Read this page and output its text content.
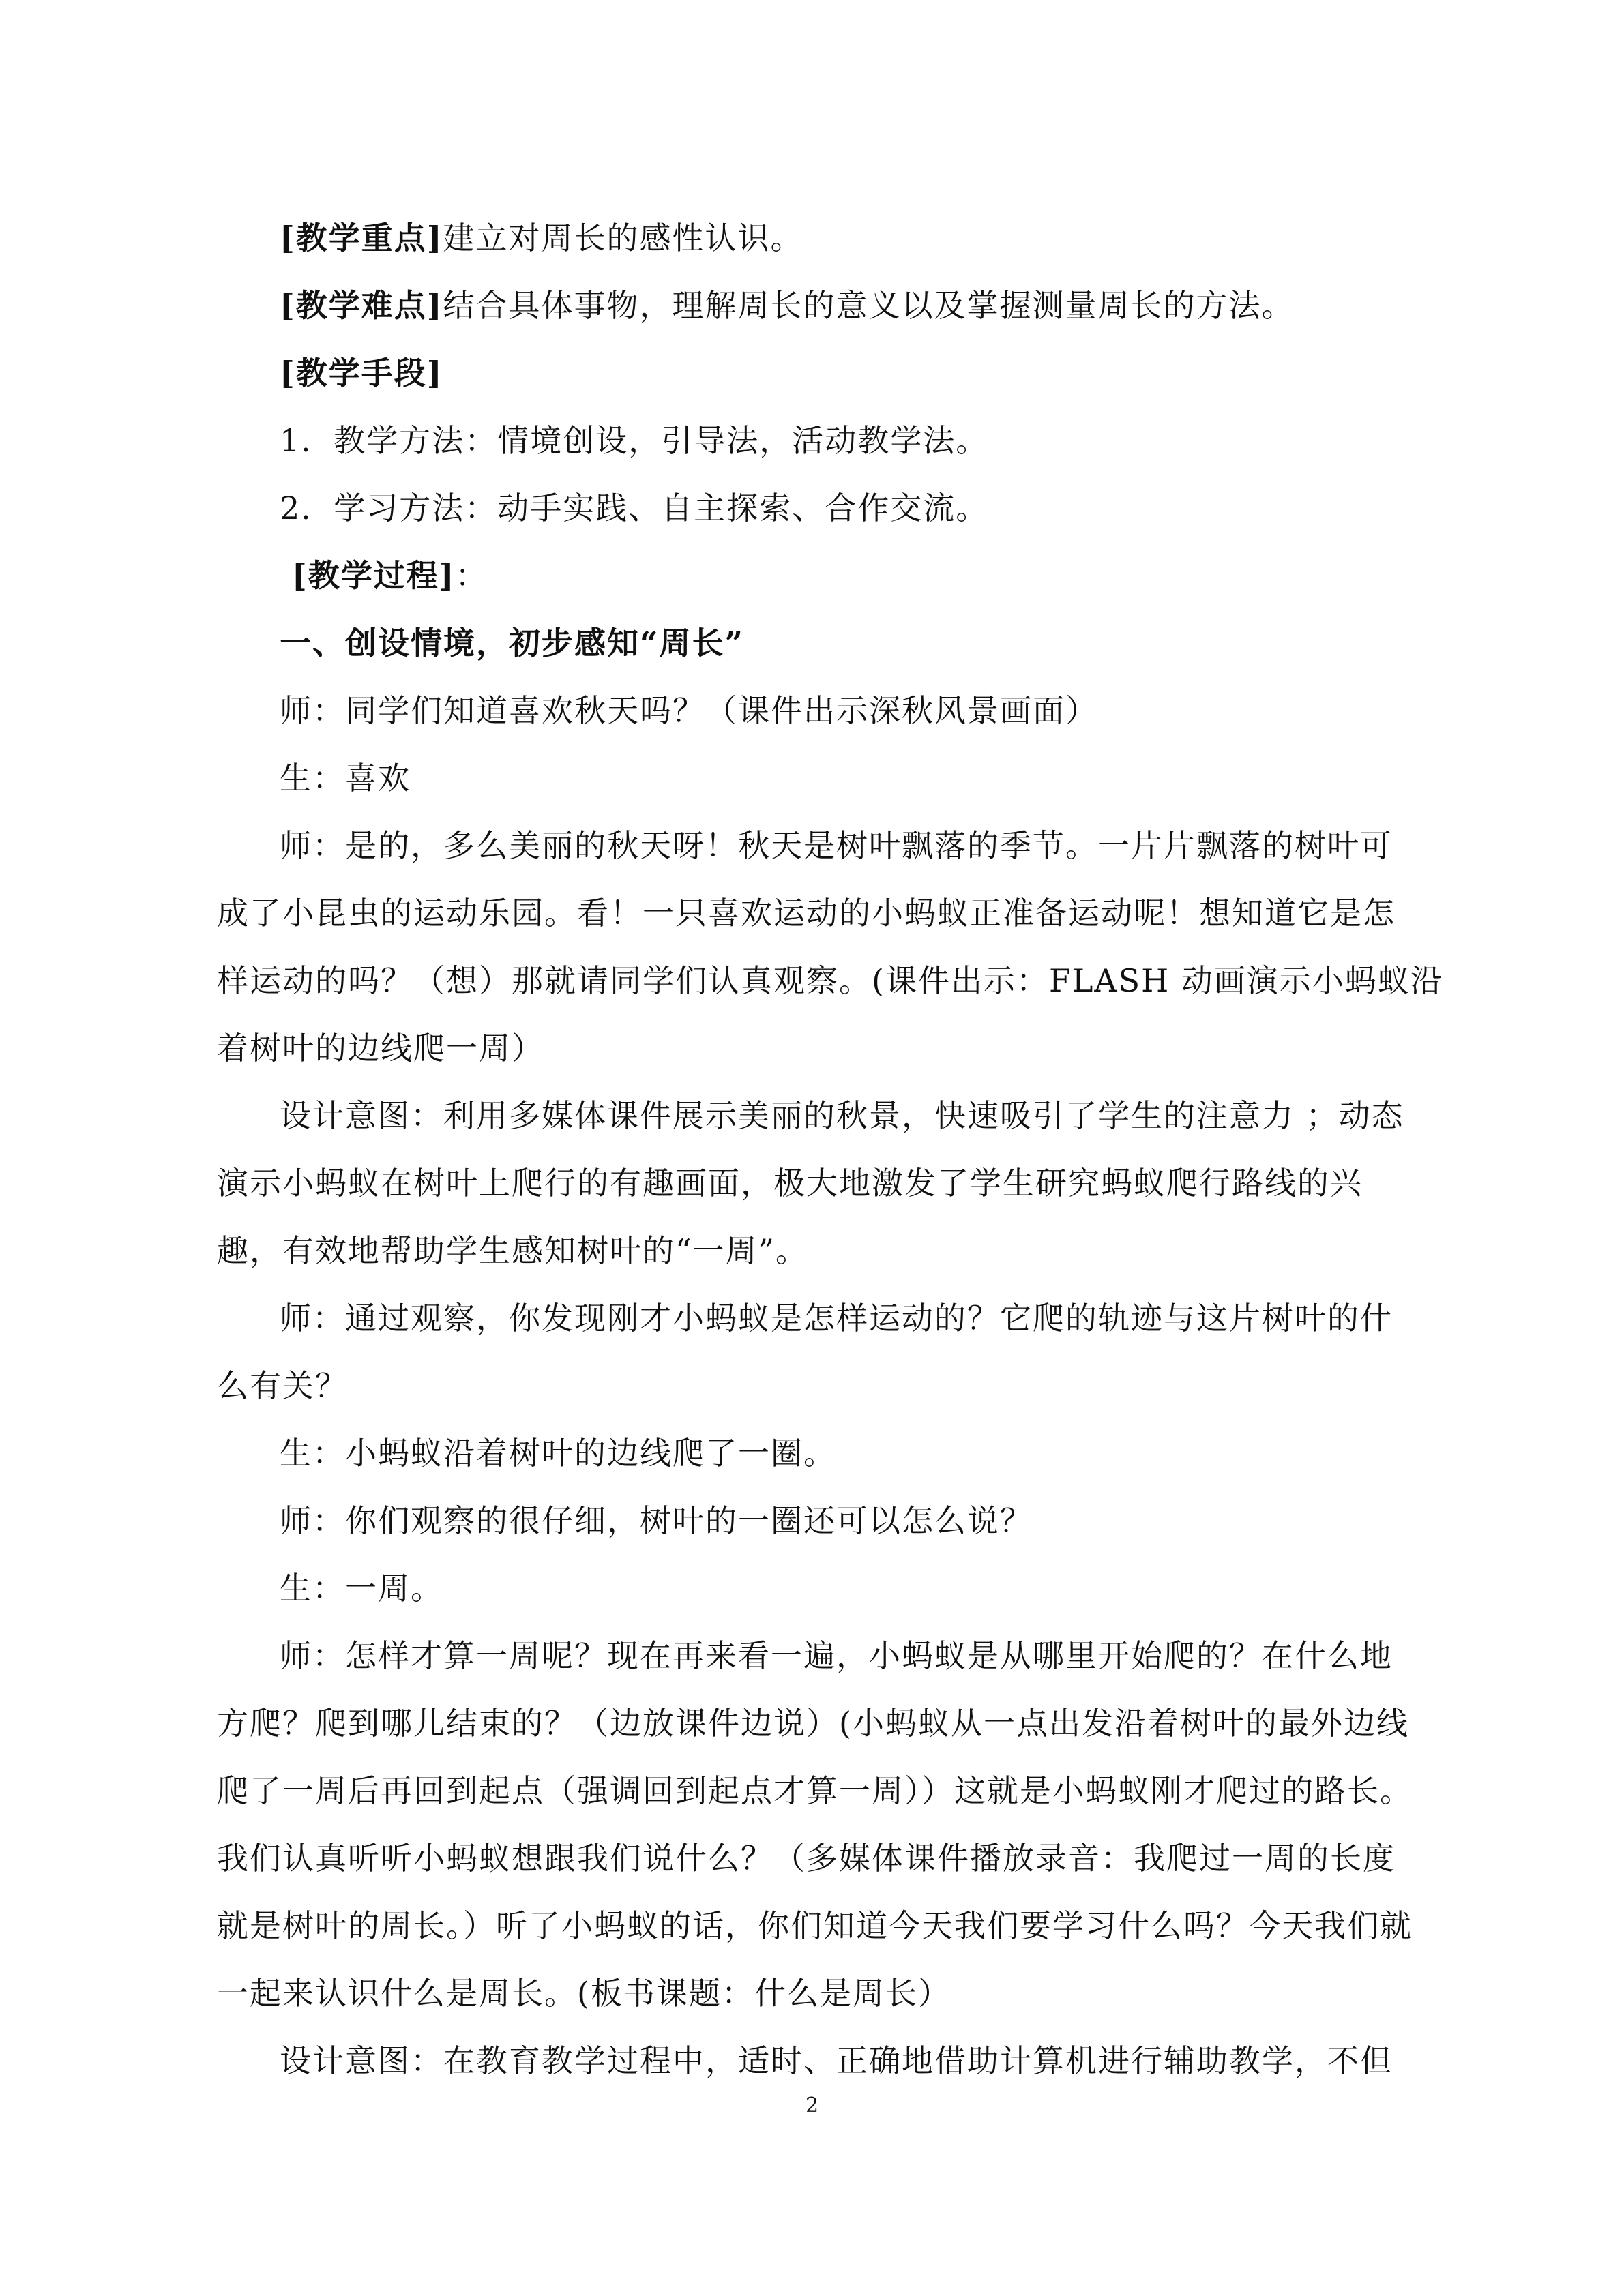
[教学重点]建立对周长的感性认识。
[教学难点]结合具体事物，理解周长的意义以及掌握测量周长的方法。
[教学手段]
1．教学方法：情境创设，引导法，活动教学法。
2．学习方法：动手实践、自主探索、合作交流。
[教学过程]：
一、创设情境，初步感知“周长”
师：同学们知道喜欢秋天吗？（课件出示深秋风景画面）
生：喜欢
师：是的，多么美丽的秋天呀！秋天是树叶飘落的季节。一片片飘落的树叶可
成了小昆虫的运动乐园。看！一只喜欢运动的小蚂蚁正准备运动呢！想知道它是怎
样运动的吗？（想）那就请同学们认真观察。(课件出示：FLASH 动画演示小蚂蚁沿
着树叶的边线爬一周）
设计意图：利用多媒体课件展示美丽的秋景，快速吸引了学生的注意力 ；动态
演示小蚂蚁在树叶上爬行的有趣画面，极大地激发了学生研究蚂蚁爬行路线的兴
趣，有效地帮助学生感知树叶的“一周”。
师：通过观察，你发现刚才小蚂蚁是怎样运动的？它爬的轨迹与这片树叶的什
么有关？
生：小蚂蚁沿着树叶的边线爬了一圈。
师：你们观察的很仔细，树叶的一圈还可以怎么说？
生：一周。
师：怎样才算一周呢？现在再来看一遍，小蚂蚁是从哪里开始爬的？在什么地
方爬？爬到哪儿结束的？（边放课件边说）(小蚂蚁从一点出发沿着树叶的最外边线
爬了一周后再回到起点（强调回到起点才算一周））这就是小蚂蚁刚才爬过的路长。
我们认真听听小蚂蚁想跟我们说什么？（多媒体课件播放录音：我爬过一周的长度
就是树叶的周长。）听了小蚂蚁的话，你们知道今天我们要学习什么吗？今天我们就
一起来认识什么是周长。(板书课题：什么是周长）
设计意图：在教育教学过程中，适时、正确地借助计算机进行辅助教学，不但
2
